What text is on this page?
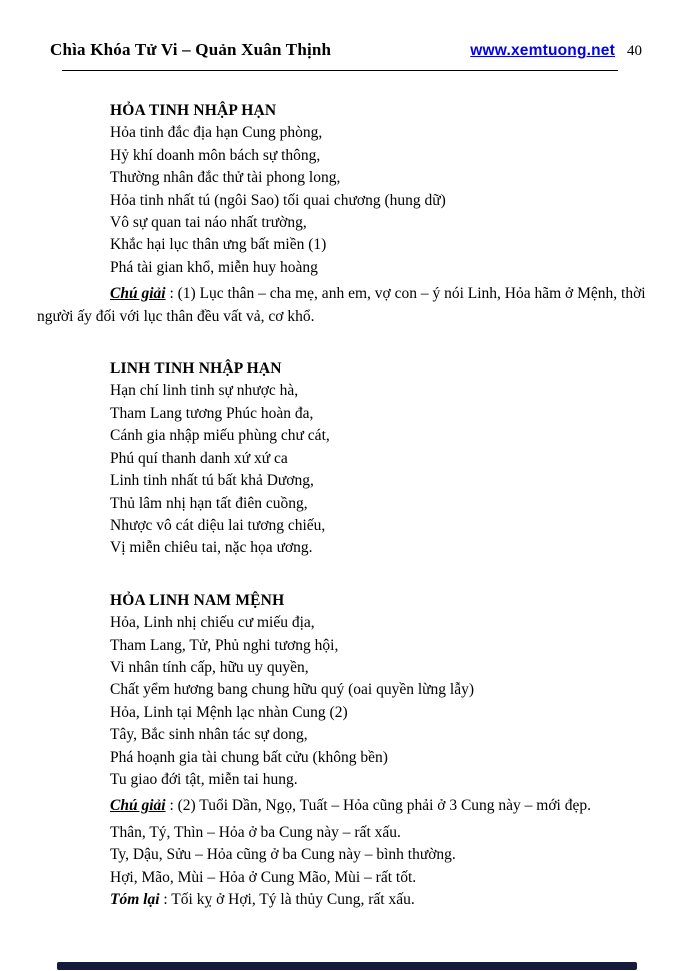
Chìa Khóa Tử Vi – Quản Xuân Thịnh	www.xemtuong.net 40
HỎA TINH NHẬP HẠN
Hỏa tinh đắc địa hạn Cung phòng,
Hỷ khí doanh môn bách sự thông,
Thường nhân đắc thử tài phong long,
Hỏa tinh nhất tú (ngôi Sao) tối quai chương (hung dữ)
Vô sự quan tai náo nhất trường,
Khắc hại lục thân ưng bất miền (1)
Phá tài gian khổ, miễn huy hoàng

Chú giải : (1) Lục thân – cha mẹ, anh em, vợ con – ý nói Linh, Hỏa hãm ở Mệnh, thời người ấy đối với lục thân đều vất vả, cơ khổ.

LINH TINH NHẬP HẠN
Hạn chí linh tinh sự nhược hà,
Tham Lang tương Phúc hoàn đa,
Cánh gia nhập miếu phùng chư cát,
Phú quí thanh danh xứ xứ ca
Linh tinh nhất tú bất khả Dương,
Thủ lâm nhị hạn tất điên cuồng,
Nhược vô cát diệu lai tương chiếu,
Vị miễn chiêu tai, nặc họa ương.
HỎA LINH NAM MỆNH
Hỏa, Linh nhị chiếu cư miếu địa,
Tham Lang, Tử, Phủ nghi tương hội,
Vi nhân tính cấp, hữu uy quyền,
Chất yểm hương bang chung hữu quý (oai quyền lừng lẫy)
Hỏa, Linh tại Mệnh lạc nhàn Cung (2)
Tây, Bắc sinh nhân tác sự dong,
Phá hoạnh gia tài chung bất cửu (không bền)
Tu giao đới tật, miễn tai hung.

Chú giải : (2) Tuổi Dần, Ngọ, Tuất – Hỏa cũng phải ở 3 Cung này – mới đẹp.

Thân, Tý, Thìn – Hỏa ở ba Cung này – rất xấu.
Ty, Dậu, Sửu – Hỏa cũng ở ba Cung này – bình thường.
Hợi, Mão, Mùi – Hỏa ở Cung Mão, Mùi – rất tốt.
Tóm lại : Tối kỵ ở Hợi, Tý là thủy Cung, rất xấu.
